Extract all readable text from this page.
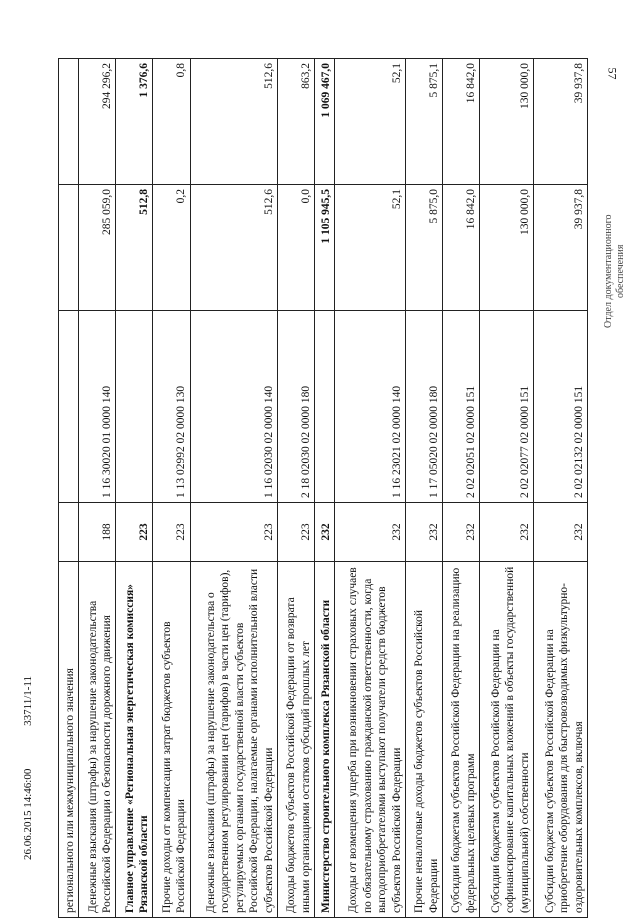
57
регионального или межмуниципального значения				
Денежные взыскания (штрафы) за нарушение законодательства Российской Федерации о безопасности дорожного движения	188	1 16 30020 01 0000 140	285 059,0	294 296,2
Главное управление «Региональная энергетическая комиссия» Рязанской области	223		512,8	1 376,6
Прочие доходы от компенсации затрат бюджетов субъектов Российской Федерации	223	1 13 02992 02 0000 130	0,2	0,8
Денежные взыскания (штрафы) за нарушение законодательства о государственном регулировании цен (тарифов) в части цен (тарифов), регулируемых органами государственной власти субъектов Российской Федерации, налагаемые органами исполнительной власти субъектов Российской Федерации	223	1 16 02030 02 0000 140	512,6	512,6
Доходы бюджетов субъектов Российской Федерации от возврата иными организациями остатков субсидий прошлых лет	223	2 18 02030 02 0000 180	0,0	863,2
Министерство строительного комплекса Рязанской области	232		1 105 945,5	1 069 467,0
Доходы от возмещения ущерба при возникновении страховых случаев по обязательному страхованию гражданской ответственности, когда выгодоприобретателями выступают получатели средств бюджетов субъектов Российской Федерации	232	1 16 23021 02 0000 140	52,1	52,1
Прочие неналоговые доходы бюджетов субъектов Российской Федерации	232	1 17 05020 02 0000 180	5 875,0	5 875,1
Субсидии бюджетам субъектов Российской Федерации на реализацию федеральных целевых программ	232	2 02 02051 02 0000 151	16 842,0	16 842,0
Субсидии бюджетам субъектов Российской Федерации на софинансирование капитальных вложений в объекты государственной (муниципальной) собственности	232	2 02 02077 02 0000 151	130 000,0	130 000,0
Субсидии бюджетам субъектов Российской Федерации на приобретение оборудования для быстровозводимых физкультурно-оздоровительных комплексов, включая	232	2 02 02132 02 0000 151	39 937,8	39 937,8
Отдел документационного обеспечения
26.06.2015 14:46:00 33711/1-11
